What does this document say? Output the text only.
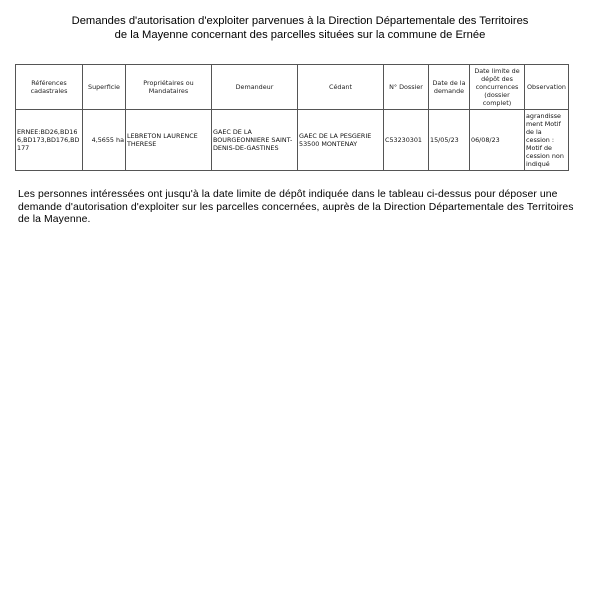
Demandes d'autorisation d'exploiter parvenues à la Direction Départementale des Territoires
de la Mayenne concernant des parcelles situées sur la commune de Ernée
Références cadastrales	Superficie	Propriétaires ou Mandataires	Demandeur	Cédant	N° Dossier	Date de la demande	Date limite de dépôt des concurrences (dossier complet)	Observation
ERNEE:BD26,BD166,BD173,BD176,BD177	4,5655 ha	LEBRETON LAURENCE THERESE	GAEC DE LA BOURGEONNIERE SAINT-DENIS-DE-GASTINES	GAEC DE LA PESGERIE 53500 MONTENAY	C53230301	15/05/23	06/08/23	agrandissement Motif de la cession : Motif de cession non indiqué
Les personnes intéressées ont jusqu'à la date limite de dépôt indiquée dans le tableau ci-dessus pour déposer une demande d'autorisation d'exploiter sur les parcelles concernées, auprès de la Direction Départementale des Territoires de la Mayenne.
